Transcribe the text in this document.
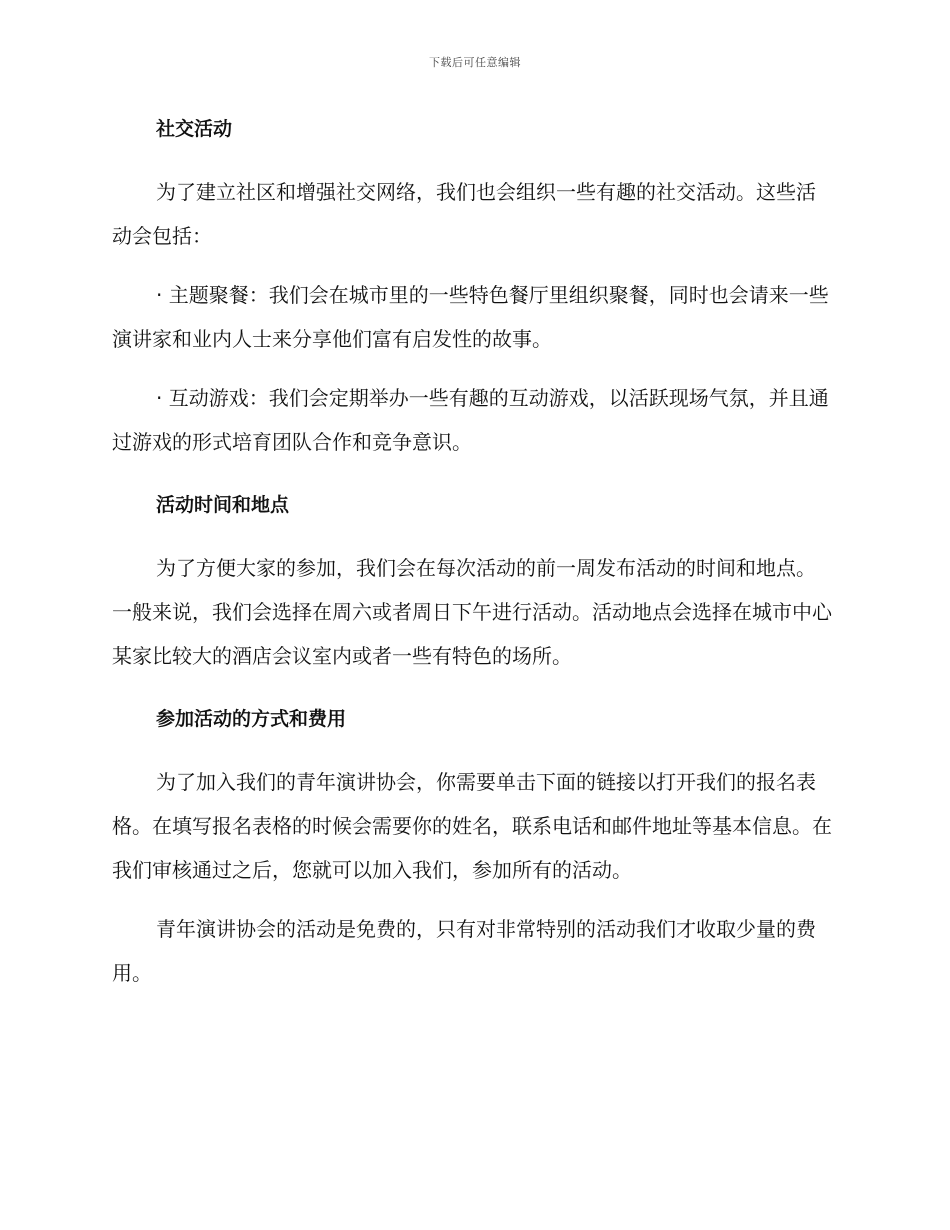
下载后可任意编辑
社交活动

为了建立社区和增强社交网络，我们也会组织一些有趣的社交活动。这些活动会包括：

· 主题聚餐：我们会在城市里的一些特色餐厅里组织聚餐，同时也会请来一些演讲家和业内人士来分享他们富有启发性的故事。

· 互动游戏：我们会定期举办一些有趣的互动游戏，以活跃现场气氛，并且通过游戏的形式培育团队合作和竞争意识。

活动时间和地点

为了方便大家的参加，我们会在每次活动的前一周发布活动的时间和地点。一般来说，我们会选择在周六或者周日下午进行活动。活动地点会选择在城市中心某家比较大的酒店会议室内或者一些有特色的场所。

参加活动的方式和费用

为了加入我们的青年演讲协会，你需要单击下面的链接以打开我们的报名表格。在填写报名表格的时候会需要你的姓名，联系电话和邮件地址等基本信息。在我们审核通过之后，您就可以加入我们，参加所有的活动。

青年演讲协会的活动是免费的，只有对非常特别的活动我们才收取少量的费用。
